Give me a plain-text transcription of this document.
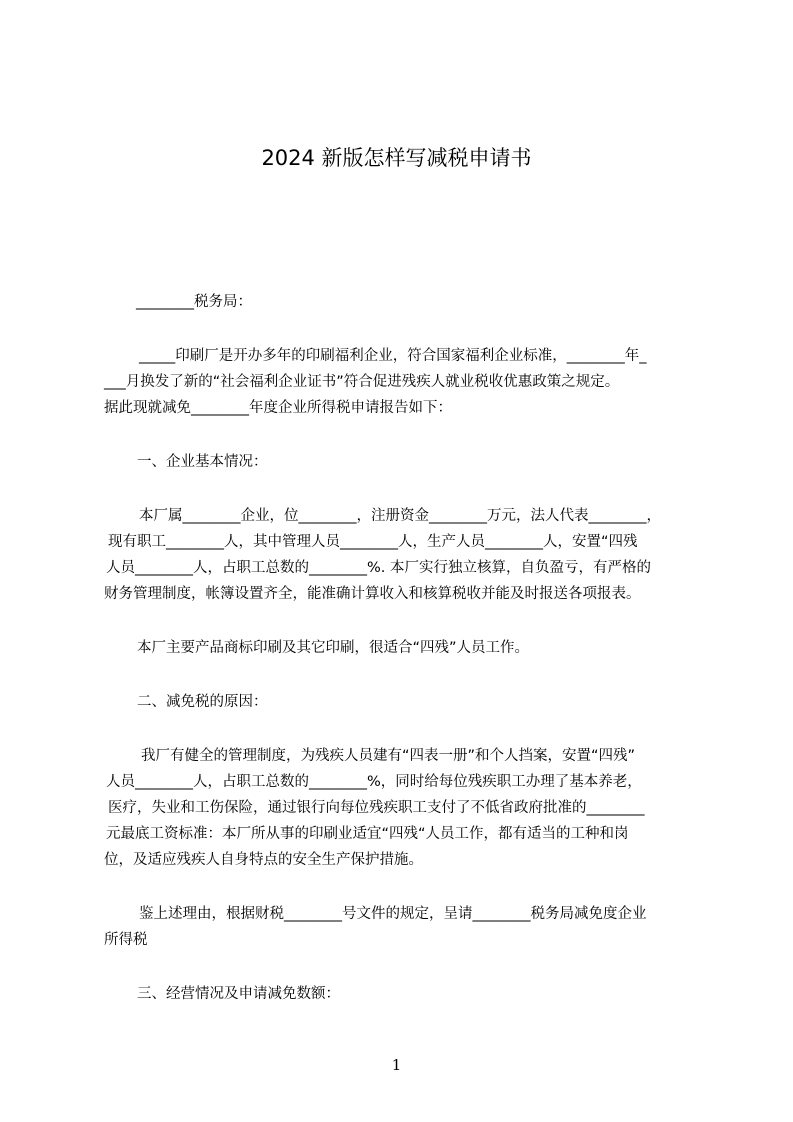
2024 新版怎样写减税申请书
________税务局：
_____印刷厂是开办多年的印刷福利企业，符合国家福利企业标准，________年_
___月换发了新的“社会福利企业证书”符合促进残疾人就业税收优惠政策之规定。
据此现就减免________年度企业所得税申请报告如下：
一、企业基本情况：
本厂属________企业，位________，注册资金________万元，法人代表________，
现有职工________人，其中管理人员________人，生产人员________人，安置“四残
人员________人，占职工总数的________%. 本厂实行独立核算，自负盈亏，有严格的
财务管理制度，帐簿设置齐全，能准确计算收入和核算税收并能及时报送各项报表。
本厂主要产品商标印刷及其它印刷，很适合“四残”人员工作。
二、减免税的原因：
我厂有健全的管理制度，为残疾人员建有“四表一册”和个人挡案，安置“四残”
人员________人，占职工总数的________%，同时给每位残疾职工办理了基本养老，
医疗，失业和工伤保险，通过银行向每位残疾职工支付了不低省政府批准的________
元最底工资标准：本厂所从事的印刷业适宜“四残“人员工作，都有适当的工种和岗
位，及适应残疾人自身特点的安全生产保护措施。
鉴上述理由，根据财税________号文件的规定，呈请________税务局减免度企业
所得税
三、经营情况及申请减免数额：
1
